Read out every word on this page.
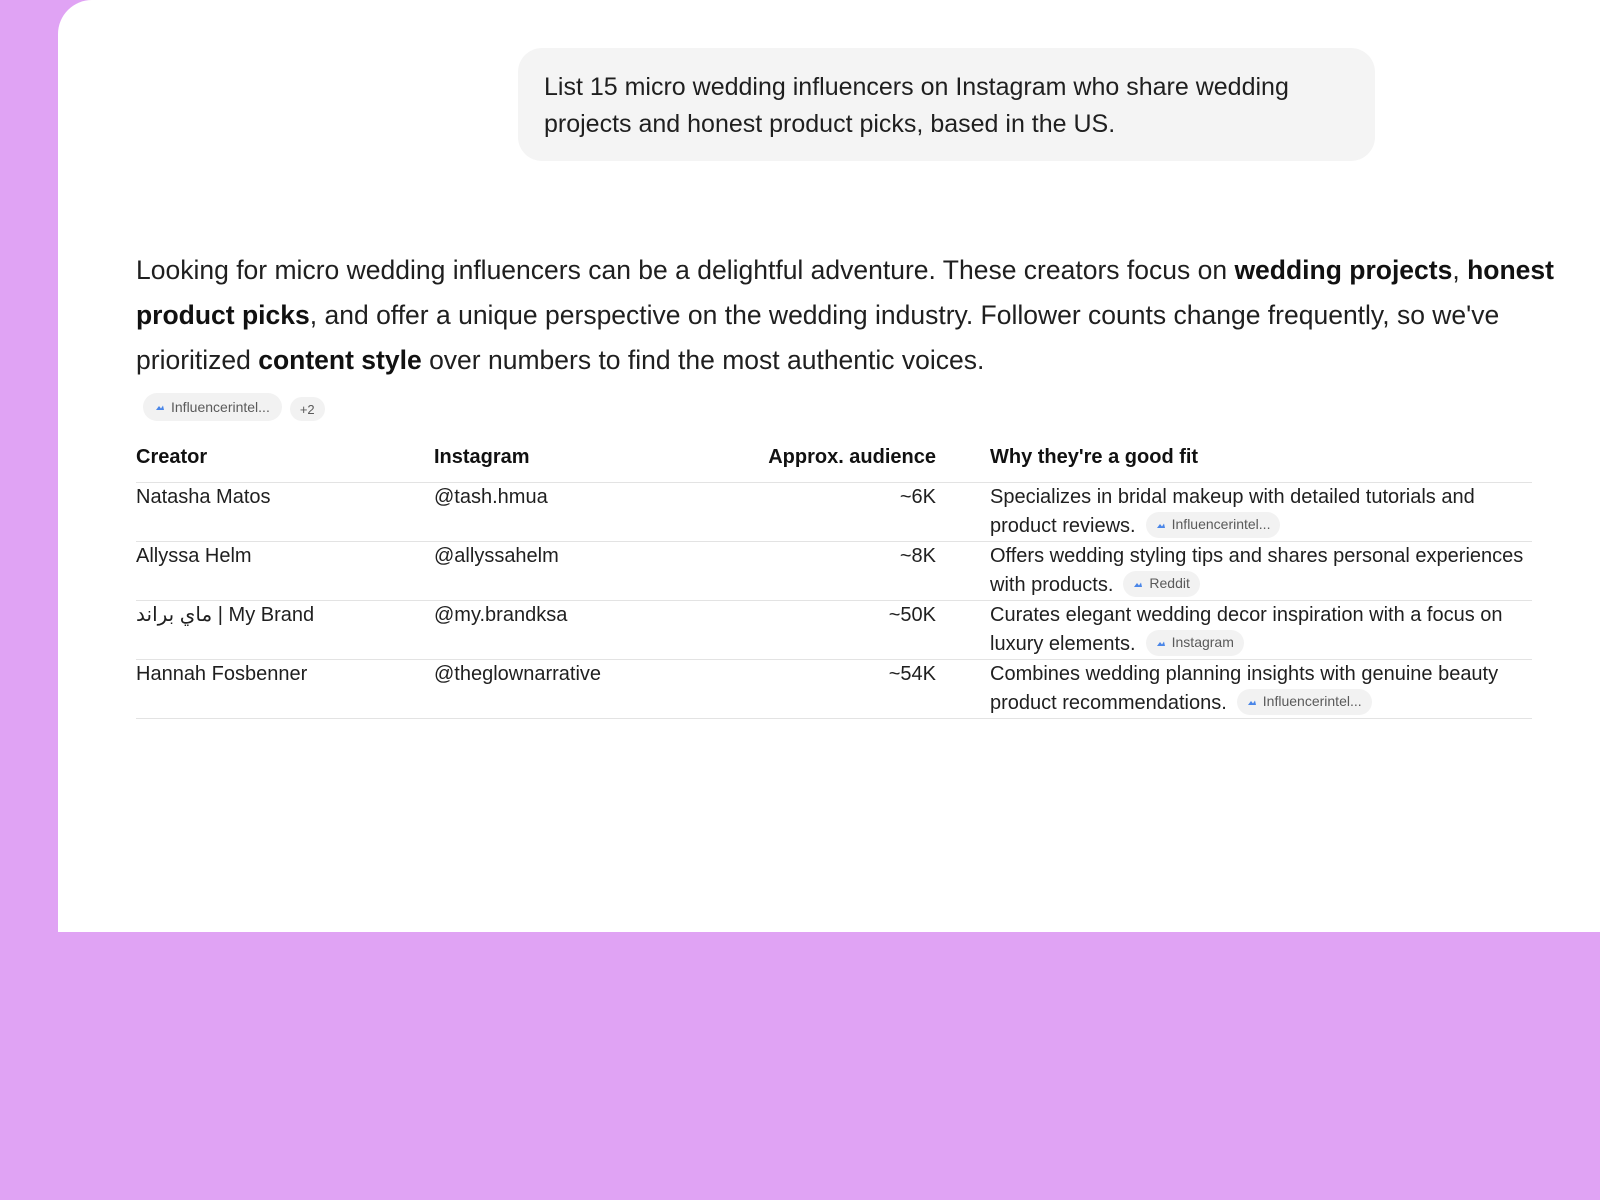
List 15 micro wedding influencers on Instagram who share wedding projects and honest product picks, based in the US.
Looking for micro wedding influencers can be a delightful adventure. These creators focus on wedding projects, honest product picks, and offer a unique perspective on the wedding industry. Follower counts change frequently, so we've prioritized content style over numbers to find the most authentic voices.
Influencerintel...	+2
Creator	Instagram	Approx. audience		Why they're a good fit
Natasha Matos	@tash.hmua	~6K		Specializes in bridal makeup with detailed tutorials and product reviews. Influencerintel...

Allyssa Helm	@allyssahelm	~8K		Offers wedding styling tips and shares personal experiences with products. Reddit

ماي براند | My Brand	@my.brandksa	~50K		Curates elegant wedding decor inspiration with a focus on luxury elements. Instagram

Hannah Fosbenner	@theglownarrative	~54K		Combines wedding planning insights with genuine beauty product recommendations. Influencerintel...
